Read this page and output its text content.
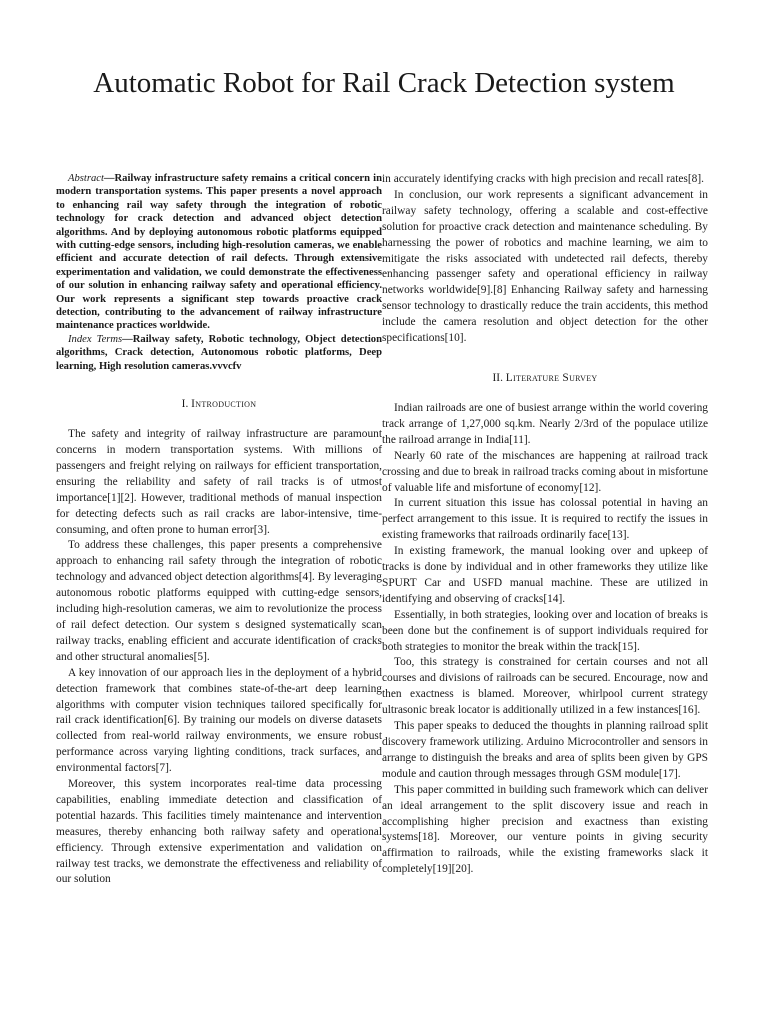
Automatic Robot for Rail Crack Detection system

Abstract—Railway infrastructure safety remains a critical concern in modern transportation systems. This paper presents a novel approach to enhancing rail way safety through the integration of robotic technology for crack detection and advanced object detection algorithms. And by deploying autonomous robotic platforms equipped with cutting-edge sensors, including high-resolution cameras, we enable efficient and accurate detection of rail defects. Through extensive experimentation and validation, we could demonstrate the effectiveness of our solution in enhancing railway safety and operational efficiency. Our work represents a significant step towards proactive crack detection, contributing to the advancement of railway infrastructure maintenance practices worldwide.

Index Terms—Railway safety, Robotic technology, Object detection algorithms, Crack detection, Autonomous robotic platforms, Deep learning, High resolution cameras.vvvcfv

I. Introduction

The safety and integrity of railway infrastructure are paramount concerns in modern transportation systems. With millions of passengers and freight relying on railways for efficient transportation, ensuring the reliability and safety of rail tracks is of utmost importance[1][2]. However, traditional methods of manual inspection for detecting defects such as rail cracks are labor-intensive, time-consuming, and often prone to human error[3].

To address these challenges, this paper presents a comprehensive approach to enhancing rail safety through the integration of robotic technology and advanced object detection algorithms[4]. By leveraging autonomous robotic platforms equipped with cutting-edge sensors, including high-resolution cameras, we aim to revolutionize the process of rail defect detection. Our system s designed systematically scan railway tracks, enabling efficient and accurate identification of cracks and other structural anomalies[5].

A key innovation of our approach lies in the deployment of a hybrid detection framework that combines state-of-the-art deep learning algorithms with computer vision techniques tailored specifically for rail crack identification[6]. By training our models on diverse datasets collected from real-world railway environments, we ensure robust performance across varying lighting conditions, track surfaces, and environmental factors[7].

Moreover, this system incorporates real-time data processing capabilities, enabling immediate detection and classification of potential hazards. This facilities timely maintenance and intervention measures, thereby enhancing both railway safety and operational efficiency. Through extensive experimentation and validation on railway test tracks, we demonstrate the effectiveness and reliability of our solution

in accurately identifying cracks with high precision and recall rates[8].

In conclusion, our work represents a significant advancement in railway safety technology, offering a scalable and cost-effective solution for proactive crack detection and maintenance scheduling. By harnessing the power of robotics and machine learning, we aim to mitigate the risks associated with undetected rail defects, thereby enhancing passenger safety and operational efficiency in railway networks worldwide[9].[8] Enhancing Railway safety and harnessing sensor technology to drastically reduce the train accidents, this method include the camera resolution and object detection for the other specifications[10].

II. Literature Survey

Indian railroads are one of busiest arrange within the world covering track arrange of 1,27,000 sq.km. Nearly 2/3rd of the populace utilize the railroad arrange in India[11].

Nearly 60 rate of the mischances are happening at railroad track crossing and due to break in railroad tracks coming about in misfortune of valuable life and misfortune of economy[12].

In current situation this issue has colossal potential in having an perfect arrangement to this issue. It is required to rectify the issues in existing frameworks that railroads ordinarily face[13].

In existing framework, the manual looking over and upkeep of tracks is done by individual and in other frameworks they utilize like SPURT Car and USFD manual machine. These are utilized in identifying and observing of cracks[14].

Essentially, in both strategies, looking over and location of breaks is been done but the confinement is of support individuals required for both strategies to monitor the break within the track[15].

Too, this strategy is constrained for certain courses and not all courses and divisions of railroads can be secured. Encourage, now and then exactness is blamed. Moreover, whirlpool current strategy ultrasonic break locator is additionally utilized in a few instances[16].

This paper speaks to deduced the thoughts in planning railroad split discovery framework utilizing. Arduino Microcontroller and sensors in arrange to distinguish the breaks and area of splits been given by GPS module and caution through messages through GSM module[17].

This paper committed in building such framework which can deliver an ideal arrangement to the split discovery issue and reach in accomplishing higher precision and exactness than existing systems[18]. Moreover, our venture points in giving security affirmation to railroads, while the existing frameworks slack it completely[19][20].
